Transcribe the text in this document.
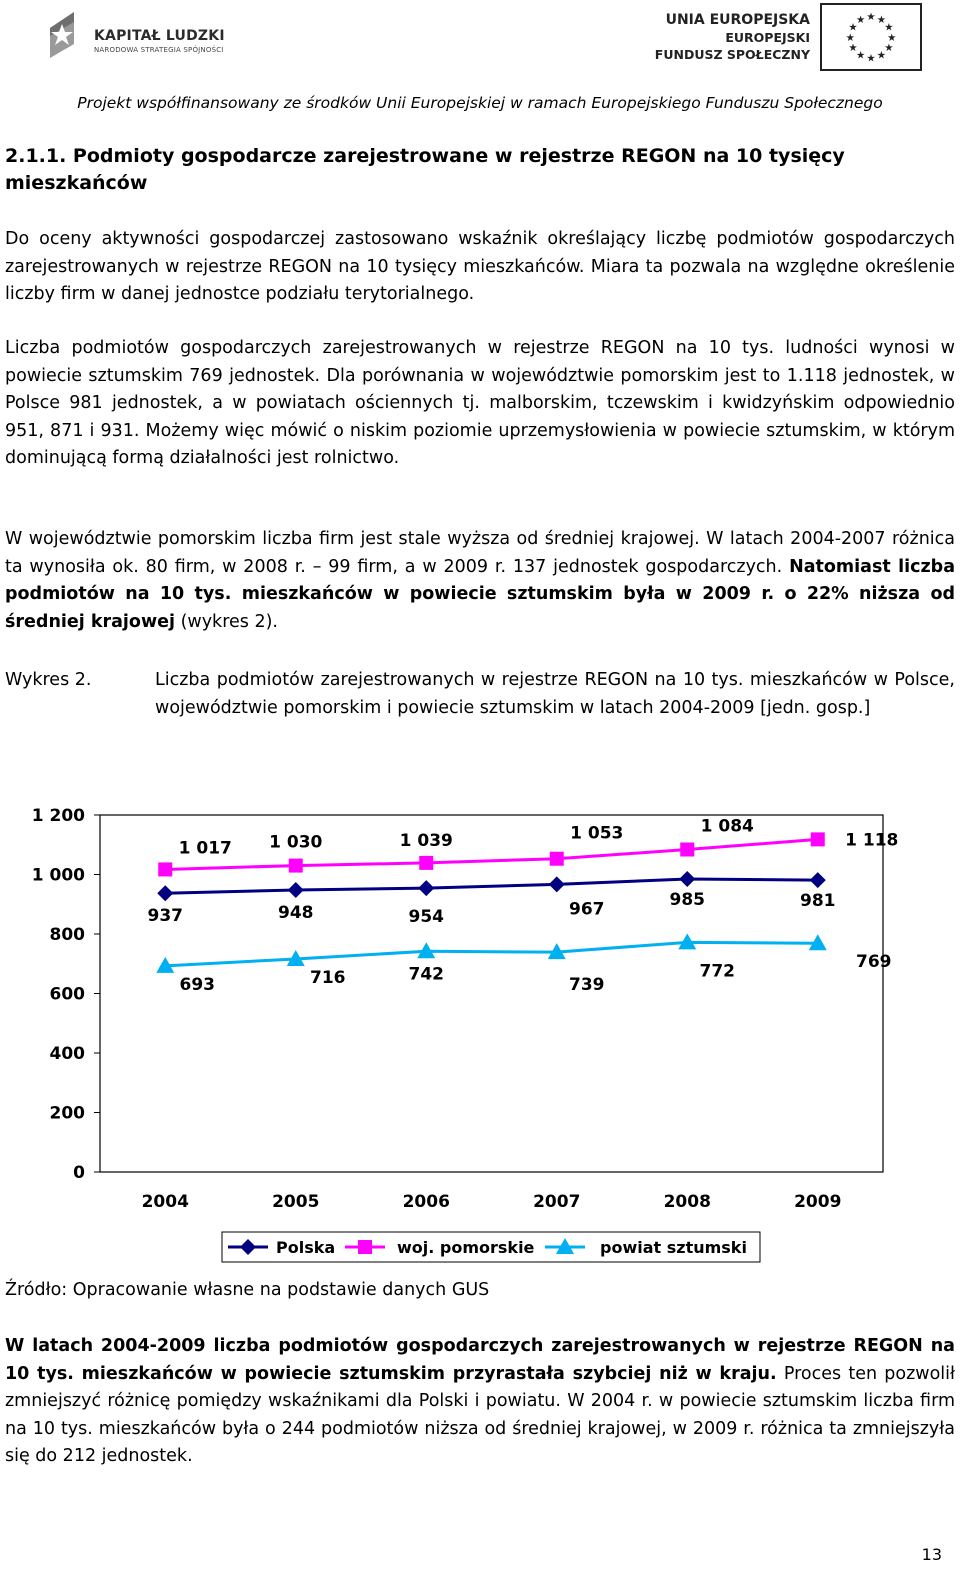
KAPITAŁ LUDZKI
NARODOWA STRATEGIA SPÓJNOŚCI
UNIA EUROPEJSKA
EUROPEJSKI
FUNDUSZ SPOŁECZNY
★ ★
★
★
★
★
★
★
★
★
★
★
Projekt współfinansowany ze środków Unii Europejskiej w ramach Europejskiego Funduszu Społecznego
2.1.1. Podmioty gospodarcze zarejestrowane w rejestrze REGON na 10 tysięcy mieszkańców
Do oceny aktywności gospodarczej zastosowano wskaźnik określający liczbę podmiotów gospodarczych zarejestrowanych w rejestrze REGON na 10 tysięcy mieszkańców. Miara ta pozwala na względne określenie liczby firm w danej jednostce podziału terytorialnego.
Liczba podmiotów gospodarczych zarejestrowanych w rejestrze REGON na 10 tys. ludności wynosi w powiecie sztumskim 769 jednostek. Dla porównania w województwie pomorskim jest to 1.118 jednostek, w Polsce 981 jednostek, a w powiatach ościennych tj. malborskim, tczewskim i kwidzyńskim odpowiednio 951, 871 i 931. Możemy więc mówić o niskim poziomie uprzemysłowienia w powiecie sztumskim, w którym dominującą formą działalności jest rolnictwo.
W województwie pomorskim liczba firm jest stale wyższa od średniej krajowej. W latach 2004-2007 różnica ta wynosiła ok. 80 firm, w 2008 r. – 99 firm, a w 2009 r. 137 jednostek gospodarczych. Natomiast liczba podmiotów na 10 tys. mieszkańców w powiecie sztumskim była w 2009 r. o 22% niższa od średniej krajowej (wykres 2).
Wykres 2.	Liczba podmiotów zarejestrowanych w rejestrze REGON na 10 tys. mieszkańców w Polsce, województwie pomorskim i powiecie sztumskim w latach 2004-2009 [jedn. gosp.]
0
200
400
600
800
1 000
1 200
2004	2005	2006	2007	2008	2009
937	948	954	967	985	981
1 017 1 030	1 039	1 053	1 084
1 118
693	716	742
739
772	769
Polska	woj. pomorskie	powiat sztumski
Źródło: Opracowanie własne na podstawie danych GUS
W latach 2004-2009 liczba podmiotów gospodarczych zarejestrowanych w rejestrze REGON na 10 tys. mieszkańców w powiecie sztumskim przyrastała szybciej niż w kraju. Proces ten pozwolił zmniejszyć różnicę pomiędzy wskaźnikami dla Polski i powiatu. W 2004 r. w powiecie sztumskim liczba firm na 10 tys. mieszkańców była o 244 podmiotów niższa od średniej krajowej, w 2009 r. różnica ta zmniejszyła się do 212 jednostek.
13
